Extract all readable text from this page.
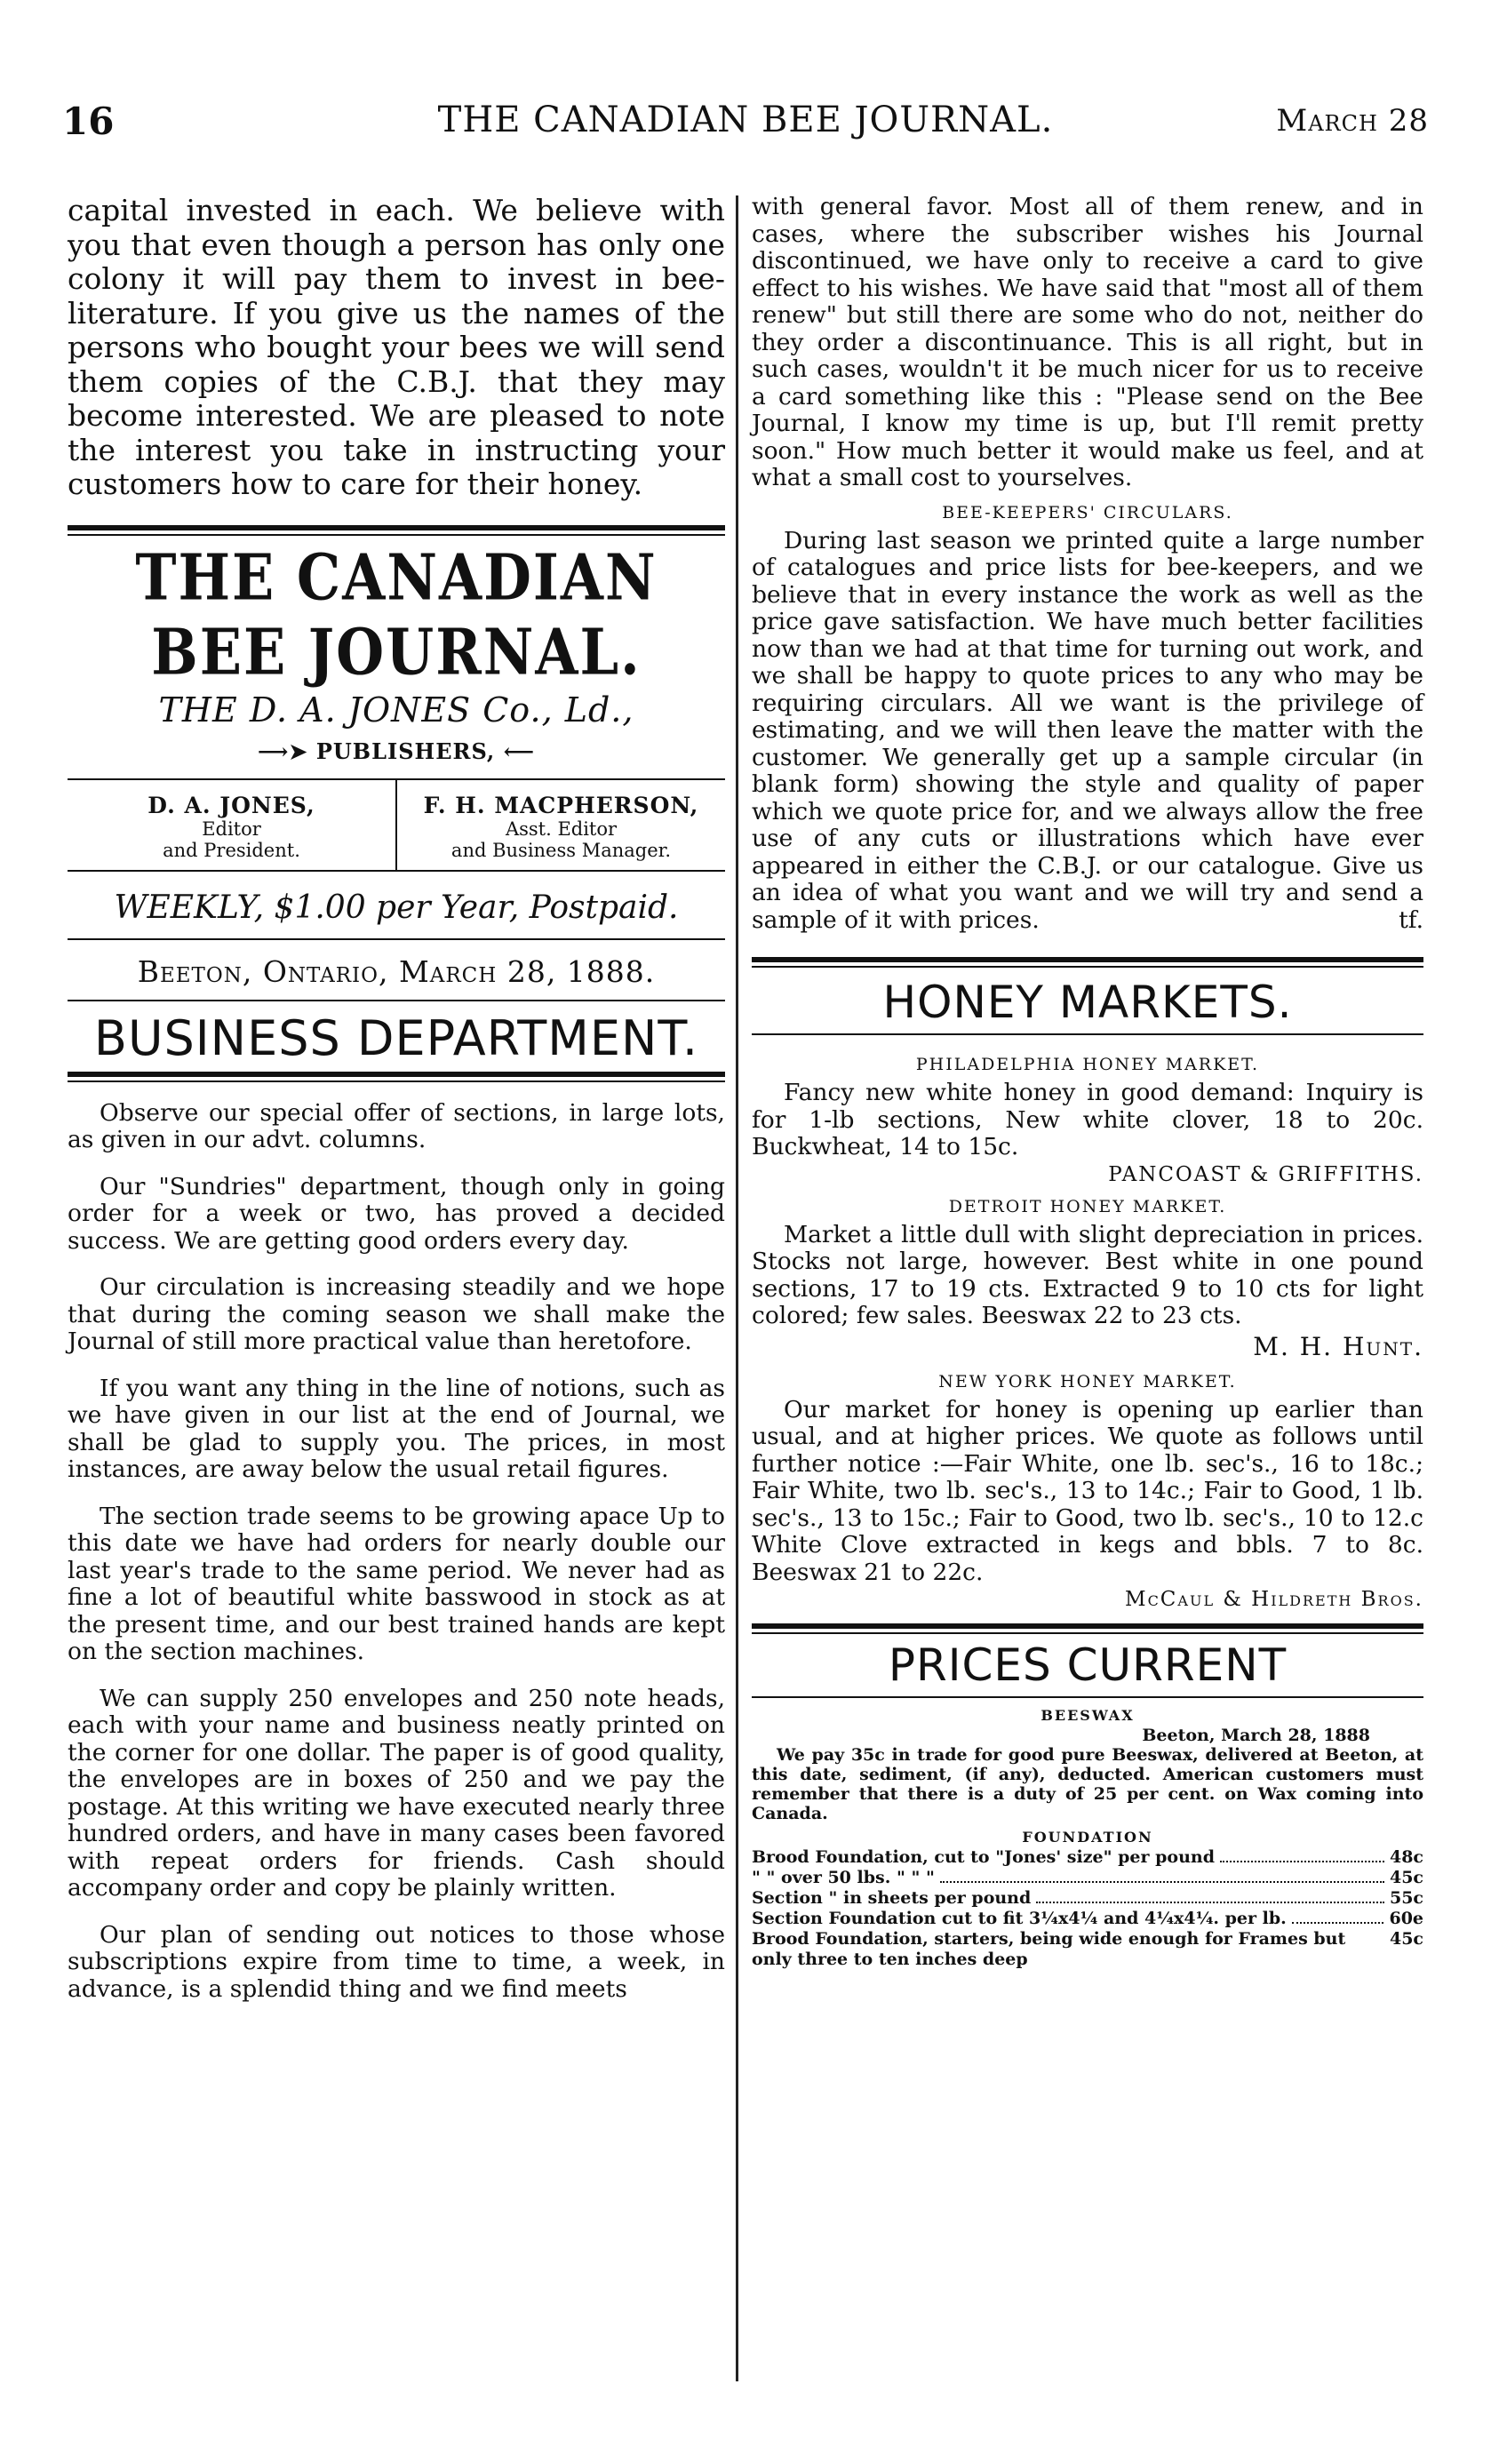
16	THE CANADIAN BEE JOURNAL.	March 28

capital invested in each. We believe with you that even though a person has only one colony it will pay them to invest in bee-literature. If you give us the names of the persons who bought your bees we will send them copies of the C.B.J. that they may become interested. We are pleased to note the interest you take in instructing your customers how to care for their honey.

THE CANADIAN BEE JOURNAL.
THE D. A. JONES Co., Ld.,
⟶➤ PUBLISHERS, ⟵
D. A. JONES,
Editor
and President.
F. H. MACPHERSON,
Asst. Editor
and Business Manager.
WEEKLY, $1.00 per Year, Postpaid.
Beeton, Ontario, March 28, 1888.
BUSINESS DEPARTMENT.

Observe our special offer of sections, in large lots, as given in our advt. columns.

Our "Sundries" department, though only in going order for a week or two, has proved a decided success. We are getting good orders every day.

Our circulation is increasing steadily and we hope that during the coming season we shall make the Journal of still more practical value than heretofore.

If you want any thing in the line of notions, such as we have given in our list at the end of Journal, we shall be glad to supply you. The prices, in most instances, are away below the usual retail figures.

The section trade seems to be growing apace Up to this date we have had orders for nearly double our last year's trade to the same period. We never had as fine a lot of beautiful white basswood in stock as at the present time, and our best trained hands are kept on the section machines.

We can supply 250 envelopes and 250 note heads, each with your name and business neatly printed on the corner for one dollar. The paper is of good quality, the envelopes are in boxes of 250 and we pay the postage. At this writing we have executed nearly three hundred orders, and have in many cases been favored with repeat orders for friends. Cash should accompany order and copy be plainly written.

Our plan of sending out notices to those whose subscriptions expire from time to time, a week, in advance, is a splendid thing and we find meets

with general favor. Most all of them renew, and in cases, where the subscriber wishes his Journal discontinued, we have only to receive a card to give effect to his wishes. We have said that "most all of them renew" but still there are some who do not, neither do they order a discontinuance. This is all right, but in such cases, wouldn't it be much nicer for us to receive a card something like this : "Please send on the Bee Journal, I know my time is up, but I'll remit pretty soon." How much better it would make us feel, and at what a small cost to yourselves.

BEE-KEEPERS' CIRCULARS.

During last season we printed quite a large number of catalogues and price lists for bee-keepers, and we believe that in every instance the work as well as the price gave satisfaction. We have much better facilities now than we had at that time for turning out work, and we shall be happy to quote prices to any who may be requiring circulars. All we want is the privilege of estimating, and we will then leave the matter with the customer. We generally get up a sample circular (in blank form) showing the style and quality of paper which we quote price for, and we always allow the free use of any cuts or illustrations which have ever appeared in either the C.B.J. or our catalogue. Give us an idea of what you want and we will try and send a sample of it with prices.	tf.

HONEY MARKETS.
PHILADELPHIA HONEY MARKET.

Fancy new white honey in good demand: Inquiry is for 1-lb sections, New white clover, 18 to 20c. Buckwheat, 14 to 15c.

PANCOAST & GRIFFITHS.
DETROIT HONEY MARKET.

Market a little dull with slight depreciation in prices. Stocks not large, however. Best white in one pound sections, 17 to 19 cts. Extracted 9 to 10 cts for light colored; few sales. Beeswax 22 to 23 cts.

M. H. Hunt.
NEW YORK HONEY MARKET.

Our market for honey is opening up earlier than usual, and at higher prices. We quote as follows until further notice :—Fair White, one lb. sec's., 16 to 18c.; Fair White, two lb. sec's., 13 to 14c.; Fair to Good, 1 lb. sec's., 13 to 15c.; Fair to Good, two lb. sec's., 10 to 12.c White Clove extracted in kegs and bbls. 7 to 8c. Beeswax 21 to 22c.

McCaul & Hildreth Bros.
PRICES CURRENT
BEESWAX
Beeton, March 28, 1888

We pay 35c in trade for good pure Beeswax, delivered at Beeton, at this date, sediment, (if any), deducted. American customers must remember that there is a duty of 25 per cent. on Wax coming into Canada.

FOUNDATION
Brood Foundation, cut to "Jones' size" per pound	48c
" " over 50 lbs. " " "	45c
Section " in sheets per pound	55c
Section Foundation cut to fit 3¼x4¼ and 4¼x4¼. per lb.	60e
Brood Foundation, starters, being wide enough for Frames but only three to ten inches deep
45c
